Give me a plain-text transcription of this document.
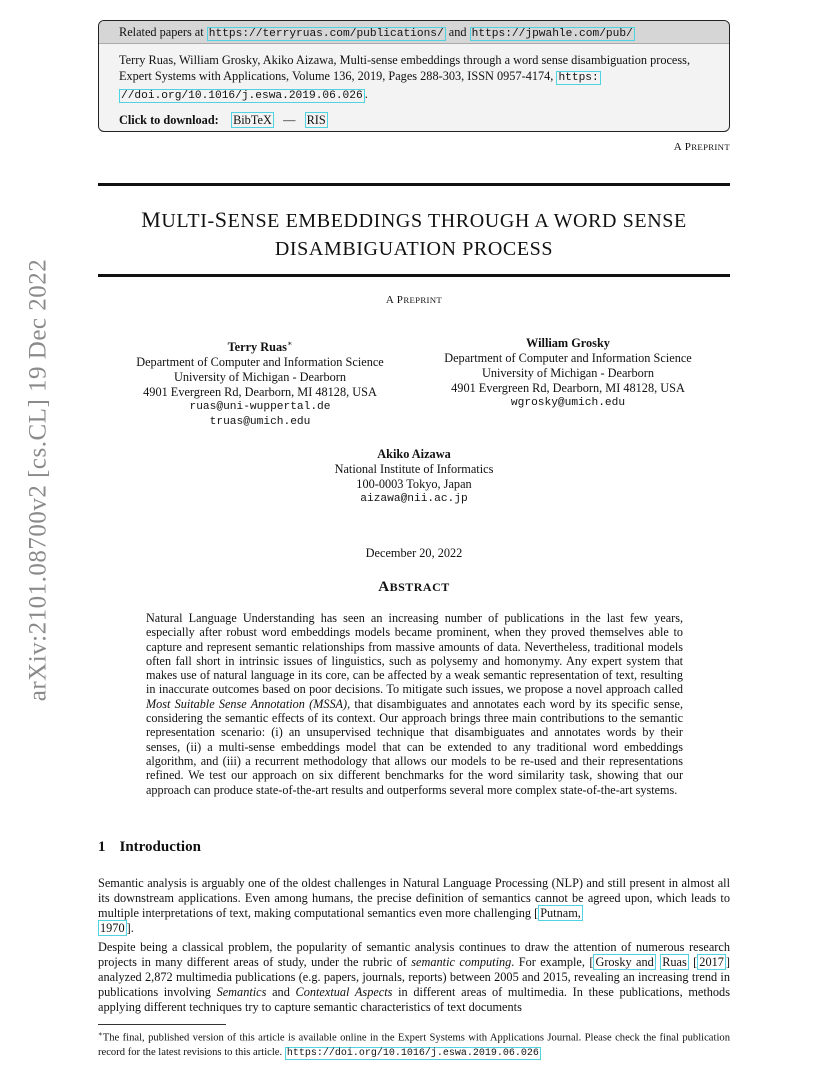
arXiv:2101.08700v2 [cs.CL] 19 Dec 2022
Related papers at https://terryruas.com/publications/ and https://jpwahle.com/pub/

Terry Ruas, William Grosky, Akiko Aizawa, Multi-sense embeddings through a word sense disambiguation process, Expert Systems with Applications, Volume 136, 2019, Pages 288-303, ISSN 0957-4174, https:
//doi.org/10.1016/j.eswa.2019.06.026 .

Click to download: BibTeX — RIS

A PREPRINT
MULTI-SENSE EMBEDDINGS THROUGH A WORD SENSE
DISAMBIGUATION PROCESS
A PREPRINT
Terry Ruas∗
Department of Computer and Information Science
University of Michigan - Dearborn
4901 Evergreen Rd, Dearborn, MI 48128, USA
ruas@uni-wuppertal.de
truas@umich.edu
William Grosky
Department of Computer and Information Science
University of Michigan - Dearborn
4901 Evergreen Rd, Dearborn, MI 48128, USA
wgrosky@umich.edu
Akiko Aizawa
National Institute of Informatics
100-0003 Tokyo, Japan
aizawa@nii.ac.jp
December 20, 2022
ABSTRACT
Natural Language Understanding has seen an increasing number of publications in the last few years, especially after robust word embeddings models became prominent, when they proved themselves able to capture and represent semantic relationships from massive amounts of data. Nevertheless, traditional models often fall short in intrinsic issues of linguistics, such as polysemy and homonymy. Any expert system that makes use of natural language in its core, can be affected by a weak semantic representation of text, resulting in inaccurate outcomes based on poor decisions. To mitigate such issues, we propose a novel approach called Most Suitable Sense Annotation (MSSA), that disambiguates and annotates each word by its specific sense, considering the semantic effects of its context. Our approach brings three main contributions to the semantic representation scenario: (i) an unsupervised technique that disambiguates and annotates words by their senses, (ii) a multi-sense embeddings model that can be extended to any traditional word embeddings algorithm, and (iii) a recurrent methodology that allows our models to be re-used and their representations refined. We test our approach on six different benchmarks for the word similarity task, showing that our approach can produce state-of-the-art results and outperforms several more complex state-of-the-art systems.
1 Introduction

Semantic analysis is arguably one of the oldest challenges in Natural Language Processing (NLP) and still present in almost all its downstream applications. Even among humans, the precise definition of semantics cannot be agreed upon, which leads to multiple interpretations of text, making computational semantics even more challenging [ Putnam,
1970 ].

Despite being a classical problem, the popularity of semantic analysis continues to draw the attention of numerous research projects in many different areas of study, under the rubric of semantic computing. For example, [ Grosky and Ruas [ 2017 ] analyzed 2,872 multimedia publications (e.g. papers, journals, reports) between 2005 and 2015, revealing an increasing trend in publications involving Semantics and Contextual Aspects in different areas of multimedia. In these publications, methods applying different techniques try to capture semantic characteristics of text documents

∗The final, published version of this article is available online in the Expert Systems with Applications Journal. Please check the final publication record for the latest revisions to this article. https://doi.org/10.1016/j.eswa.2019.06.026
